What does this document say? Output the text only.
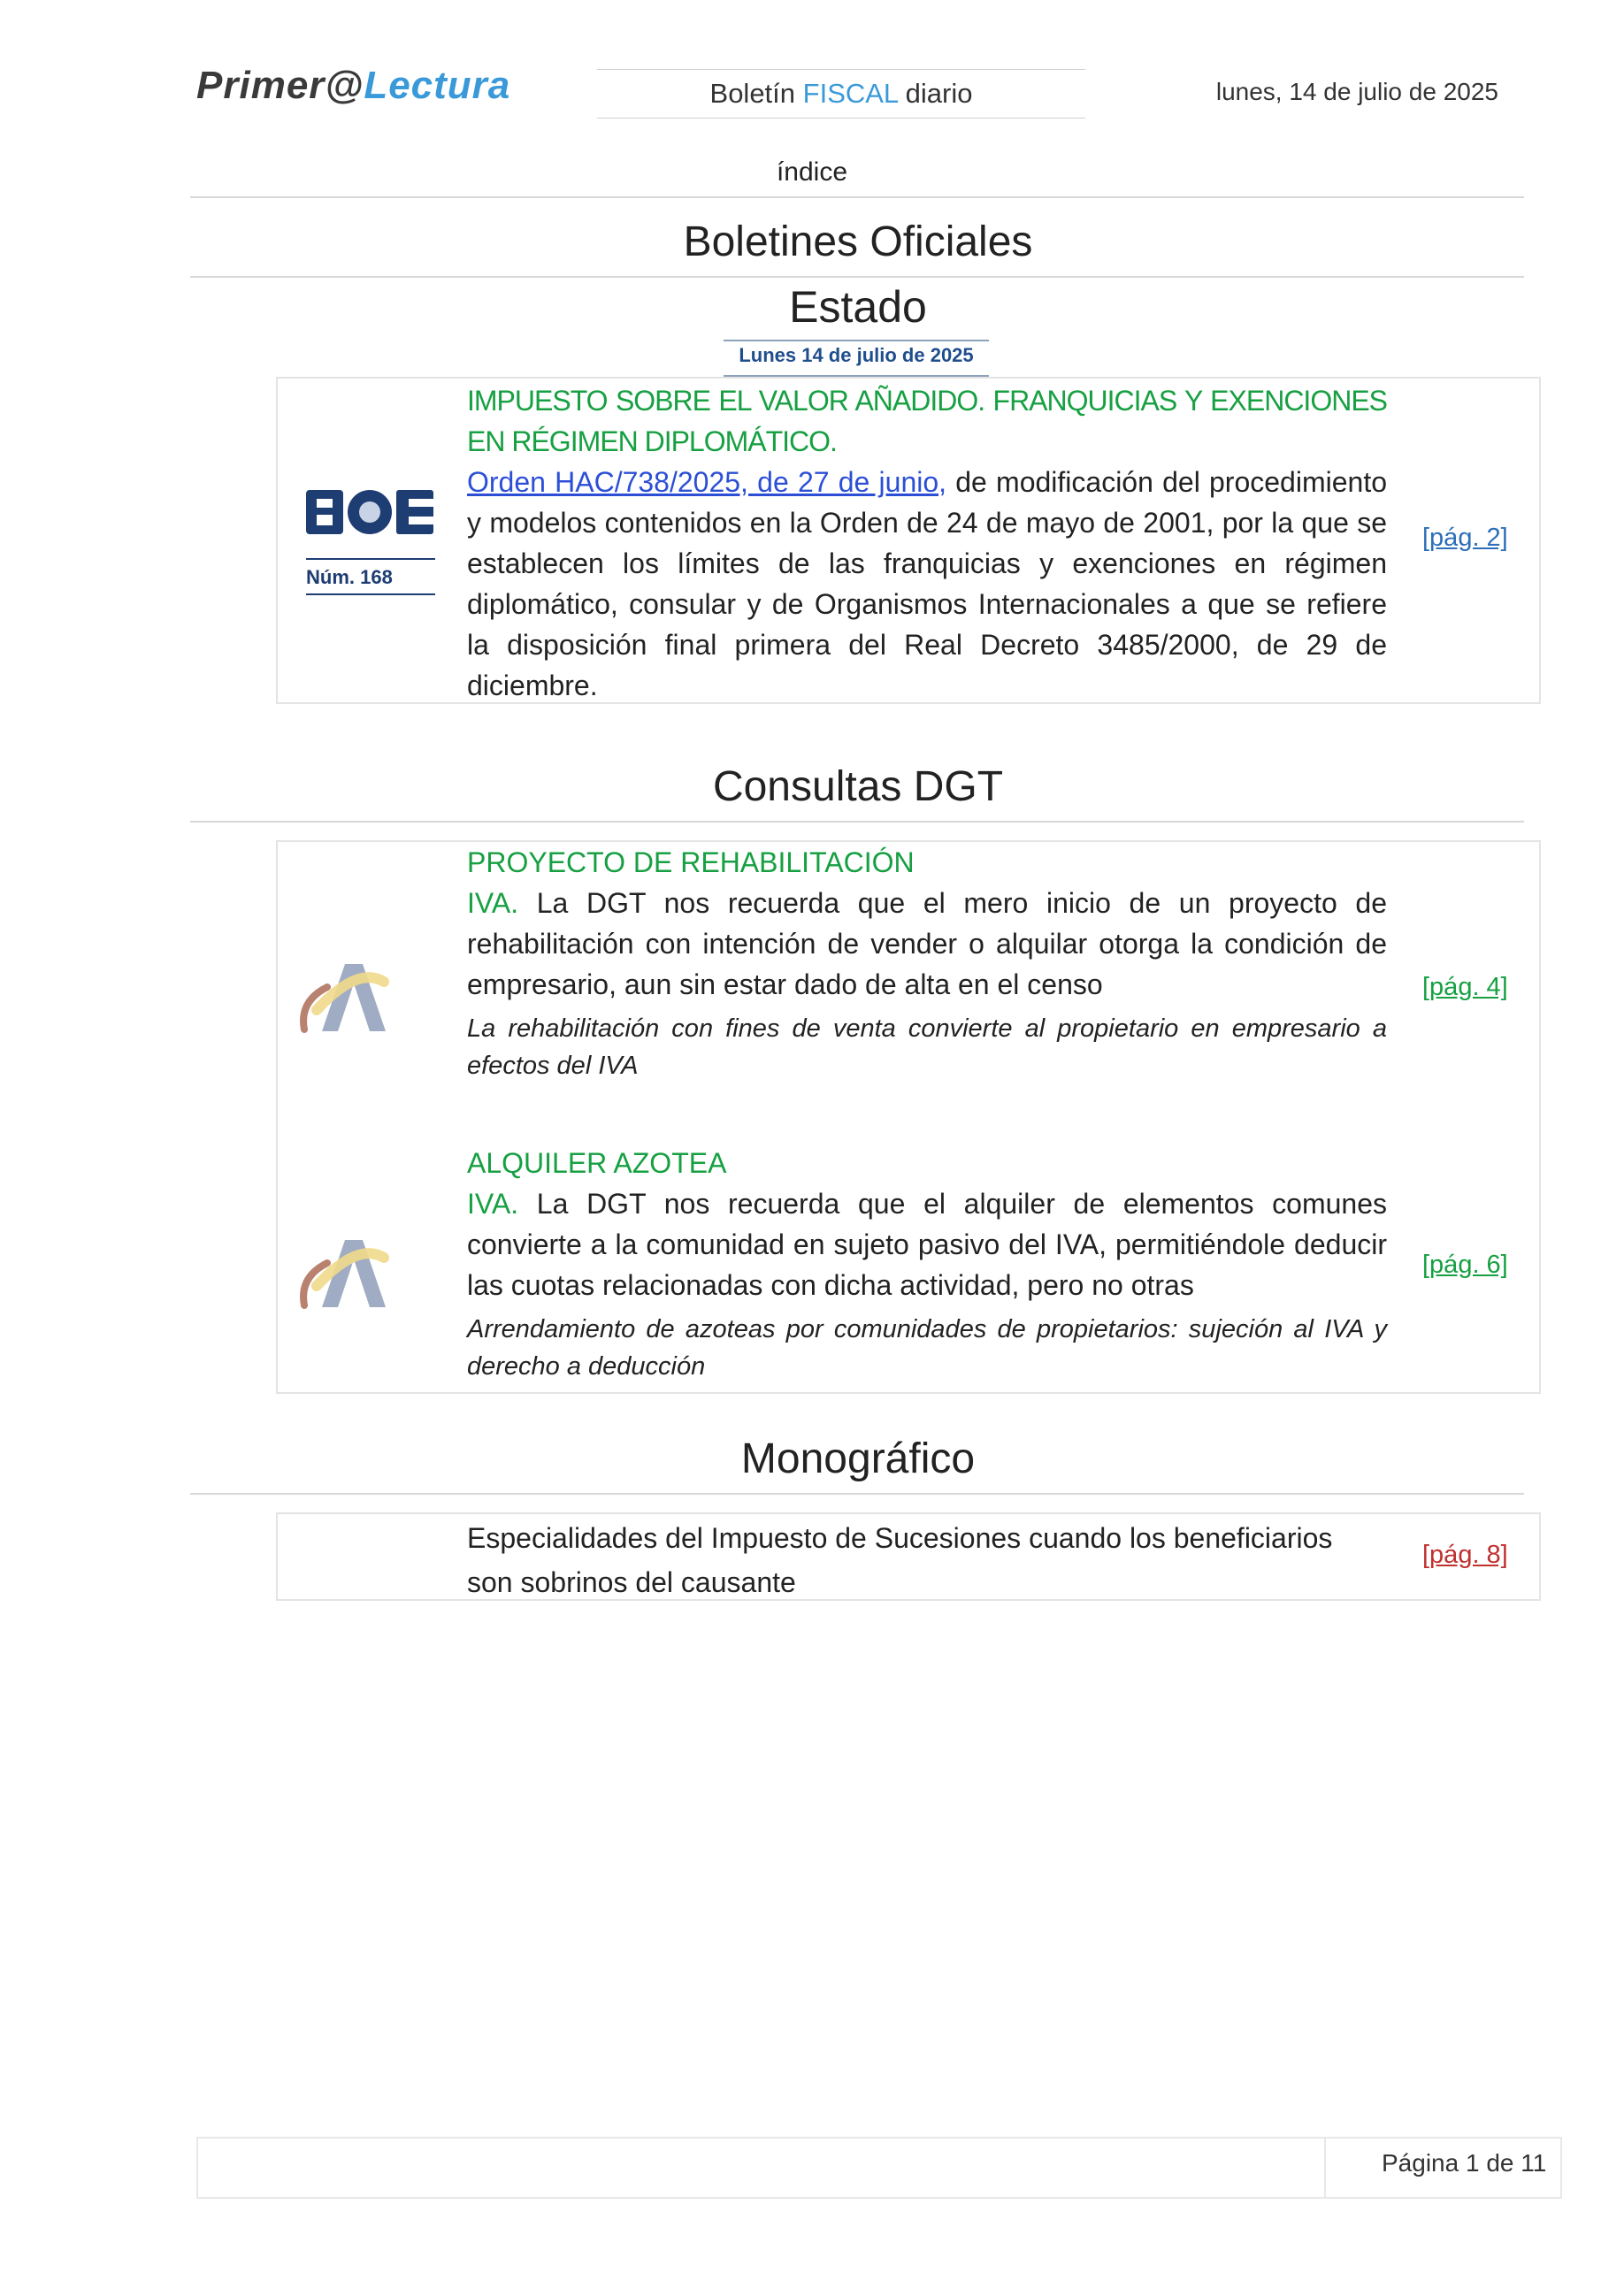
Primer@Lectura	Boletín FISCAL diario	lunes, 14 de julio de 2025
índice
Boletines Oficiales
Estado
Lunes 14 de julio de 2025
Núm. 168
IMPUESTO SOBRE EL VALOR AÑADIDO. FRANQUICIAS Y EXENCIONES EN RÉGIMEN DIPLOMÁTICO.
Orden HAC/738/2025, de 27 de junio, de modificación del procedimiento y modelos contenidos en la Orden de 24 de mayo de 2001, por la que se establecen los límites de las franquicias y exenciones en régimen diplomático, consular y de Organismos Internacionales a que se refiere la disposición final primera del Real Decreto 3485/2000, de 29 de diciembre.
[pág. 2]
Consultas DGT
PROYECTO DE REHABILITACIÓN
IVA. La DGT nos recuerda que el mero inicio de un proyecto de rehabilitación con intención de vender o alquilar otorga la condición de empresario, aun sin estar dado de alta en el censo
La rehabilitación con fines de venta convierte al propietario en empresario a efectos del IVA
[pág. 4]
ALQUILER AZOTEA
IVA. La DGT nos recuerda que el alquiler de elementos comunes convierte a la comunidad en sujeto pasivo del IVA, permitiéndole deducir las cuotas relacionadas con dicha actividad, pero no otras
Arrendamiento de azoteas por comunidades de propietarios: sujeción al IVA y derecho a deducción
[pág. 6]
Monográfico
Especialidades del Impuesto de Sucesiones cuando los beneficiarios son sobrinos del causante
[pág. 8]
Página 1 de 11
